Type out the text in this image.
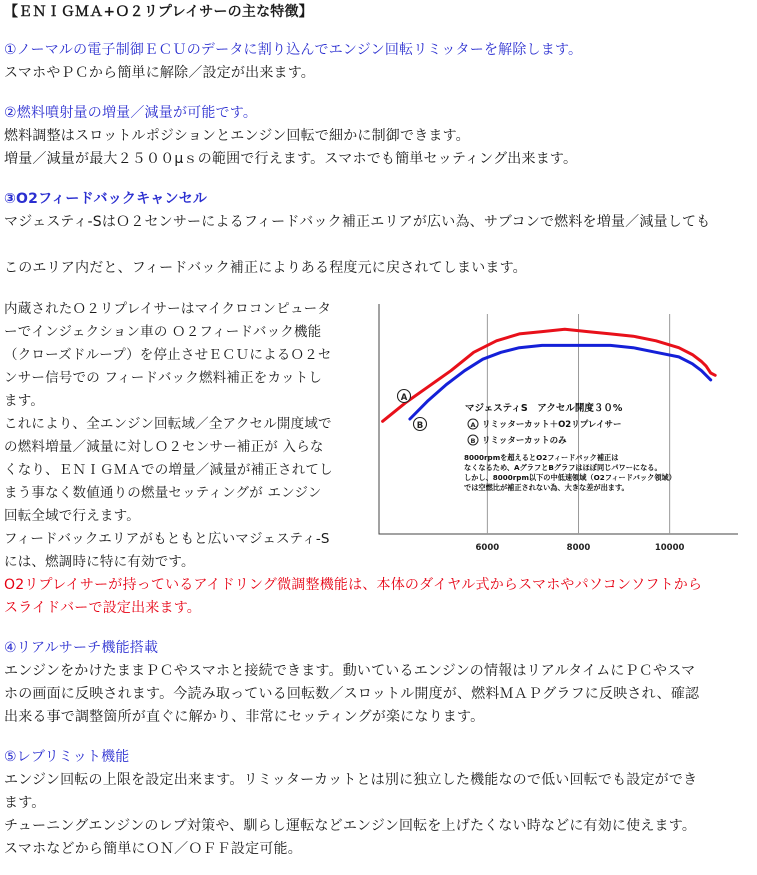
【ＥＮＩＧＭＡ+Ｏ２リプレイサーの主な特徴】
①ノーマルの電子制御ＥＣＵのデータに割り込んでエンジン回転リミッターを解除します。
スマホやＰＣから簡単に解除／設定が出来ます。
②燃料噴射量の増量／減量が可能です。
燃料調整はスロットルポジションとエンジン回転で細かに制御できます。
増量／減量が最大２５００μｓの範囲で行えます。スマホでも簡単セッティング出来ます。
③O2フィードバックキャンセル
マジェスティ-SはＯ２センサーによるフィードバック補正エリアが広い為、サブコンで燃料を増量／減量しても
このエリア内だと、フィードバック補正によりある程度元に戻されてしまいます。
内蔵されたＯ２リプレイサーはマイクロコンピュータ
ーでインジェクション車の Ｏ２フィードバック機能
（クローズドループ）を停止させＥＣＵによるＯ２セ
ンサー信号での フィードバック燃料補正をカットし
ます。
これにより、全エンジン回転域／全アクセル開度域で
の燃料増量／減量に対しＯ２センサー補正が 入らな
くなり、ＥＮＩＧＭＡでの増量／減量が補正されてし
まう事なく数値通りの燃量セッティングが エンジン
回転全域で行えます。
フィードバックエリアがもともと広いマジェスティ-S
には、燃調時に特に有効です。
O2リプレイサーが持っているアイドリング微調整機能は、本体のダイヤル式からスマホやパソコンソフトから
スライドバーで設定出来ます。
6000	8000	10000
A
B
マジェスティS　アクセル開度３０%
A リミッターカット＋O2リプレイサー
B リミッターカットのみ
8000rpmを超えるとO2フィードバック補正は
なくなるため、AグラフとBグラフはほぼ同じパワーになる。
しかし、8000rpm以下の中低速領域（O2フィードバック領域）
では空燃比が補正されない為、大きな差が出ます。
④リアルサーチ機能搭載
エンジンをかけたままＰＣやスマホと接続できます。動いているエンジンの情報はリアルタイムにＰＣやスマ
ホの画面に反映されます。今読み取っている回転数／スロットル開度が、燃料ＭＡＰグラフに反映され、確認
出来る事で調整箇所が直ぐに解かり、非常にセッティングが楽になります。
⑤レブリミット機能
エンジン回転の上限を設定出来ます。リミッターカットとは別に独立した機能なので低い回転でも設定ができ
ます。
チューニングエンジンのレブ対策や、馴らし運転などエンジン回転を上げたくない時などに有効に使えます。
スマホなどから簡単にＯＮ／ＯＦＦ設定可能。
